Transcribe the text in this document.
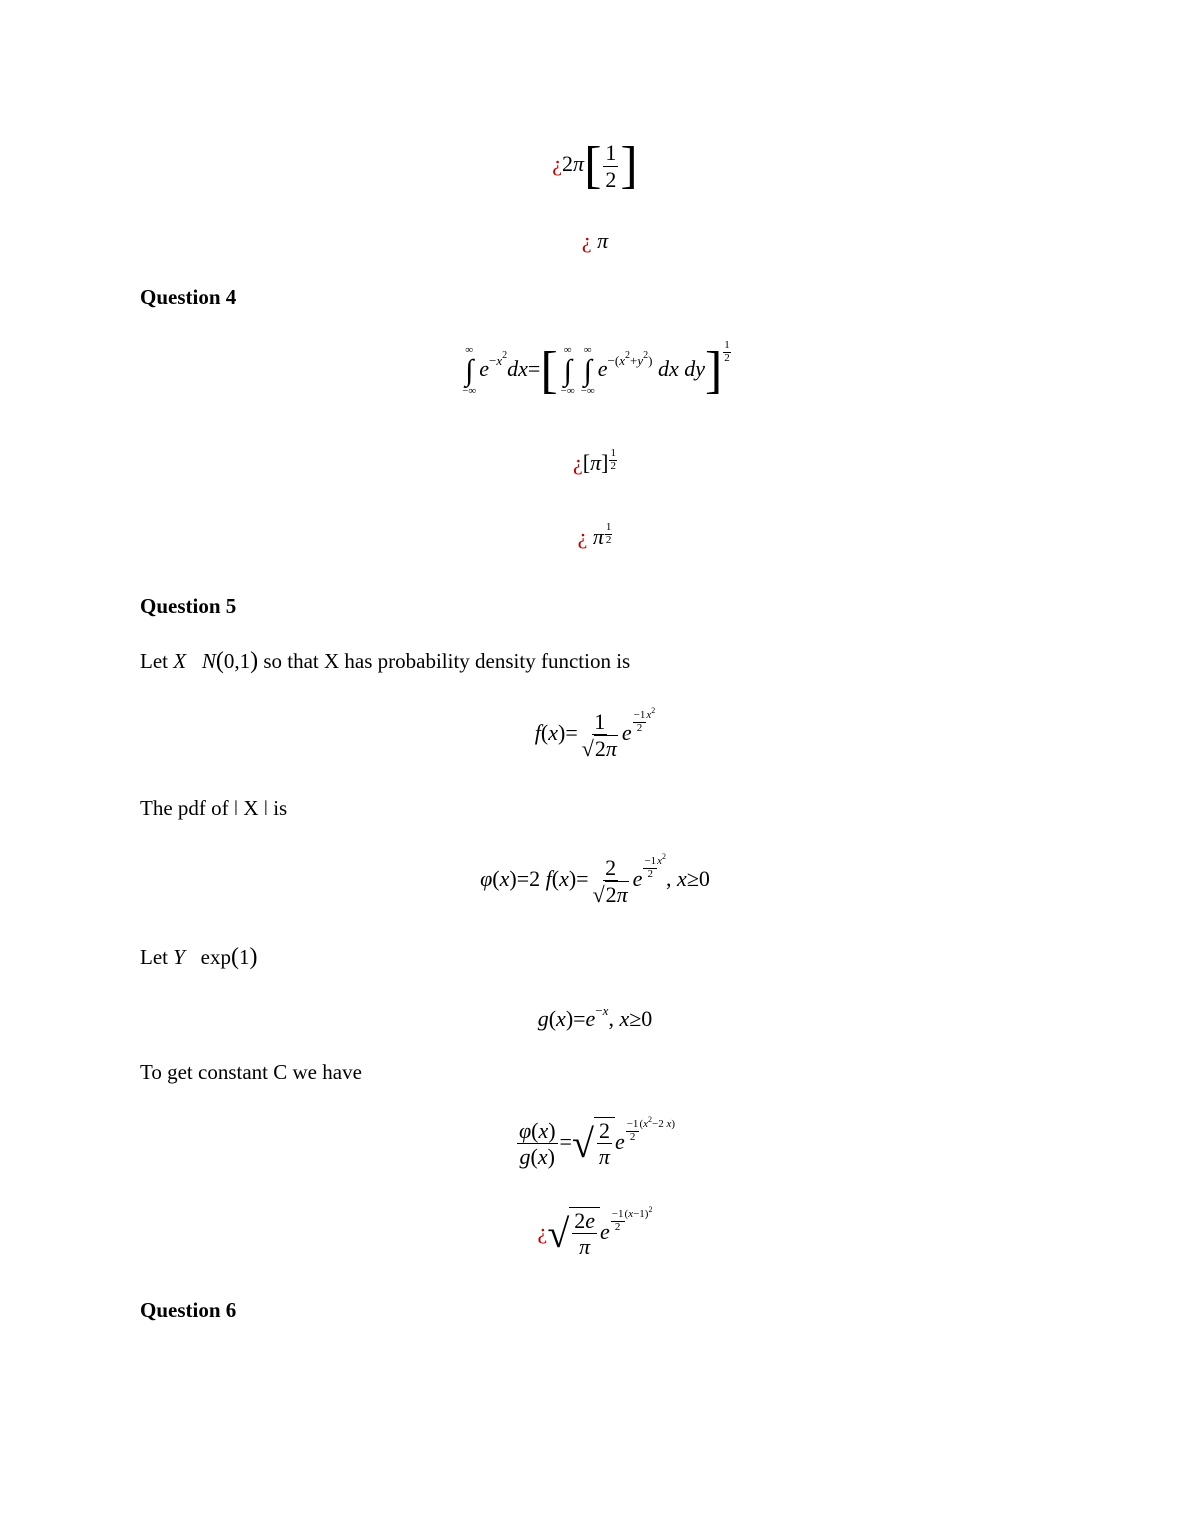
¿$2\pi[ \frac{1}{2}$ ]
¿ π
Question 4
∞
∫
−∞
$e^{-x^2}dx=$[ ∞
∫
−∞
∞
∫
−∞
$e^{-(x^2+y^2)}$ dx $dy] \frac{1}{2}$
¿$[\pi] \frac{1}{2}$
¿ π $\frac{1}{2}$
Question 5
Let X N(0,1) so that X has probability density function is
$f(x)= \frac{1}{√2\pi}$ e $\frac{-1}{2} ^{x^2}$
The pdf of ǀ X ǀ is
φ(x)=2 $f(x)= \frac{2}{√2\pi}$ e $\frac{-1}{2} ^{x^2}$, x≥0
Let Y   exp(1)
$g(x)=e^{-x}$, x≥0
To get constant C we have
$\frac{\varphi(x)}{g(x)}$ =√ $\frac{2}{\pi}$ e $\frac{-1}{2} ^{(x^2-2 x)}$
¿√ $\frac{2e}{\pi}$ e $\frac{-1}{2} ^{(x-1)^2}$
Question 6
